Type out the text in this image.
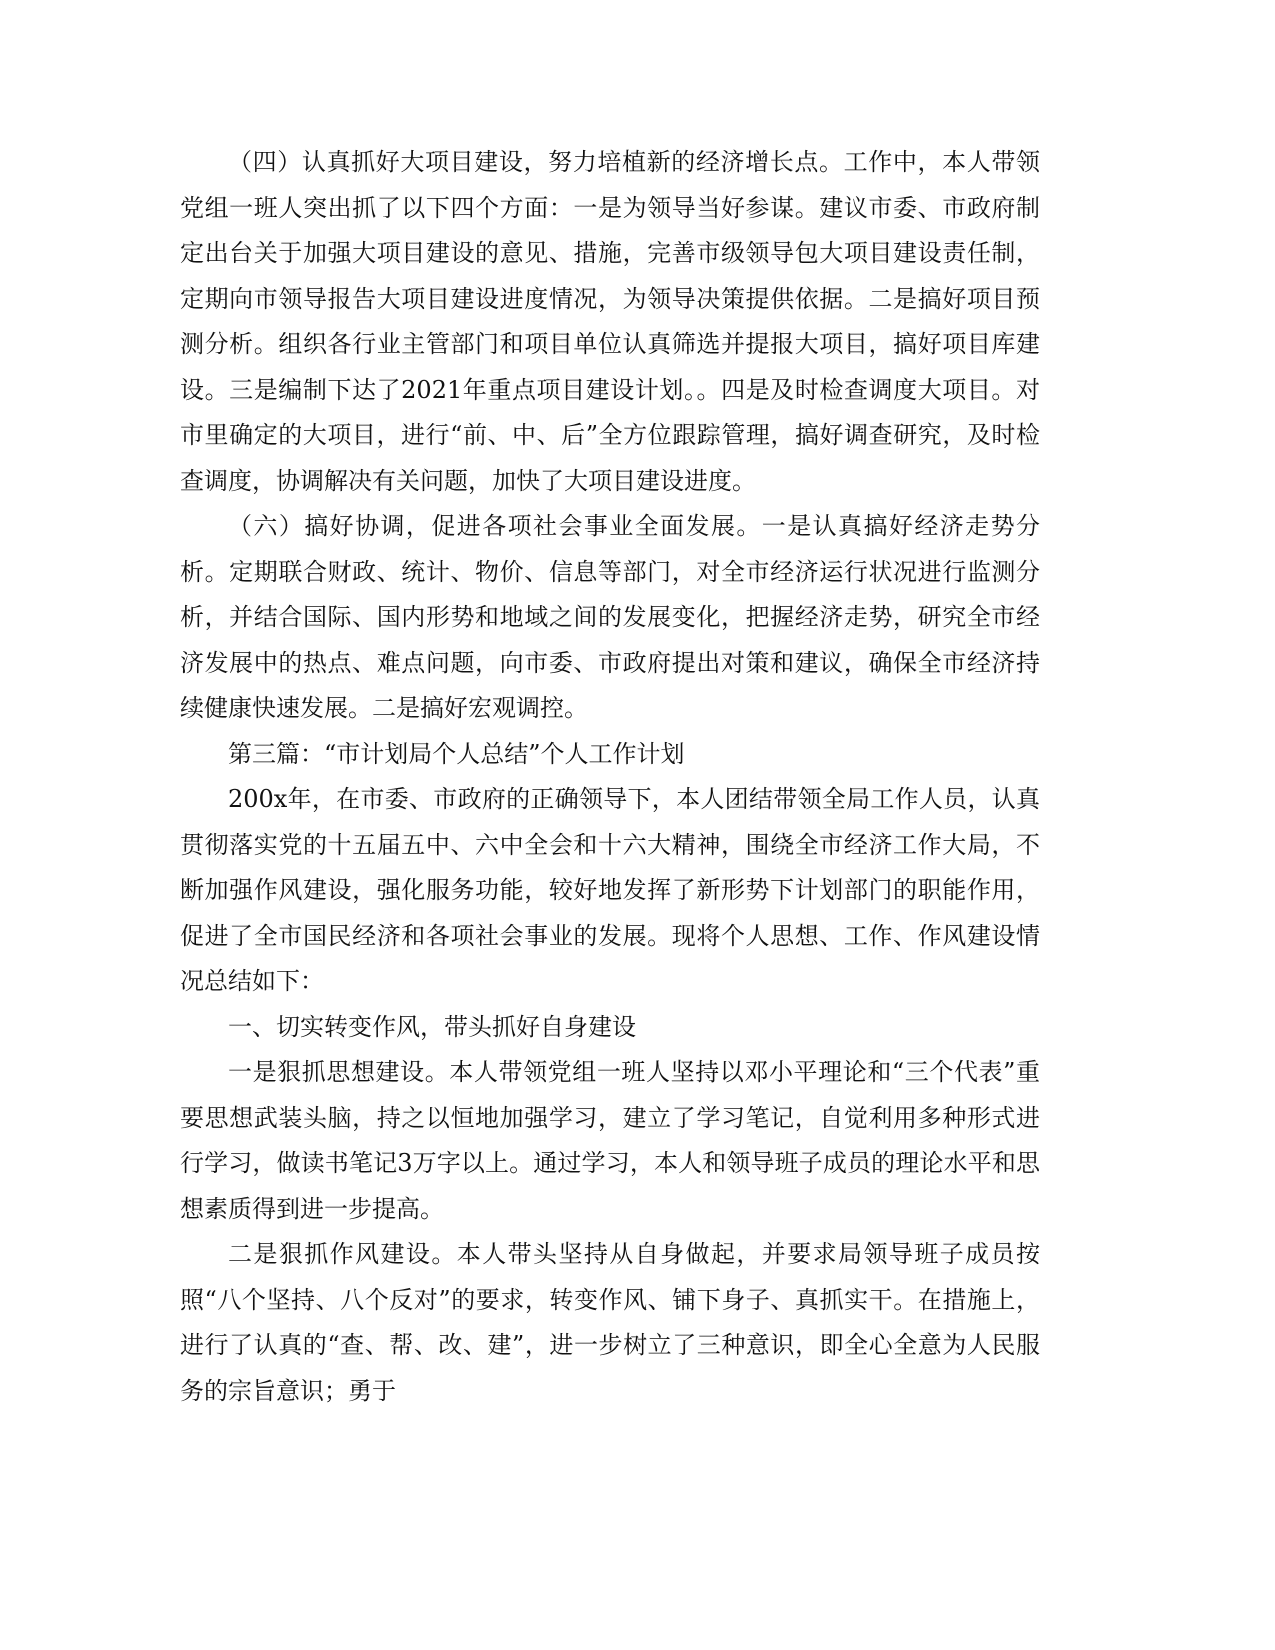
（四）认真抓好大项目建设，努力培植新的经济增长点。工作中，本人带领党组一班人突出抓了以下四个方面：一是为领导当好参谋。建议市委、市政府制定出台关于加强大项目建设的意见、措施，完善市级领导包大项目建设责任制，定期向市领导报告大项目建设进度情况，为领导决策提供依据。二是搞好项目预测分析。组织各行业主管部门和项目单位认真筛选并提报大项目，搞好项目库建设。三是编制下达了2021年重点项目建设计划。。四是及时检查调度大项目。对市里确定的大项目，进行“前、中、后”全方位跟踪管理，搞好调查研究，及时检查调度，协调解决有关问题，加快了大项目建设进度。

（六）搞好协调，促进各项社会事业全面发展。一是认真搞好经济走势分析。定期联合财政、统计、物价、信息等部门，对全市经济运行状况进行监测分析，并结合国际、国内形势和地域之间的发展变化，把握经济走势，研究全市经济发展中的热点、难点问题，向市委、市政府提出对策和建议，确保全市经济持续健康快速发展。二是搞好宏观调控。

第三篇：“市计划局个人总结”个人工作计划

200x年，在市委、市政府的正确领导下，本人团结带领全局工作人员，认真贯彻落实党的十五届五中、六中全会和十六大精神，围绕全市经济工作大局，不断加强作风建设，强化服务功能，较好地发挥了新形势下计划部门的职能作用，促进了全市国民经济和各项社会事业的发展。现将个人思想、工作、作风建设情况总结如下：

一、切实转变作风，带头抓好自身建设

一是狠抓思想建设。本人带领党组一班人坚持以邓小平理论和“三个代表”重要思想武装头脑，持之以恒地加强学习，建立了学习笔记，自觉利用多种形式进行学习，做读书笔记3万字以上。通过学习，本人和领导班子成员的理论水平和思想素质得到进一步提高。

二是狠抓作风建设。本人带头坚持从自身做起，并要求局领导班子成员按照“八个坚持、八个反对”的要求，转变作风、铺下身子、真抓实干。在措施上，进行了认真的“查、帮、改、建”，进一步树立了三种意识，即全心全意为人民服务的宗旨意识；勇于
